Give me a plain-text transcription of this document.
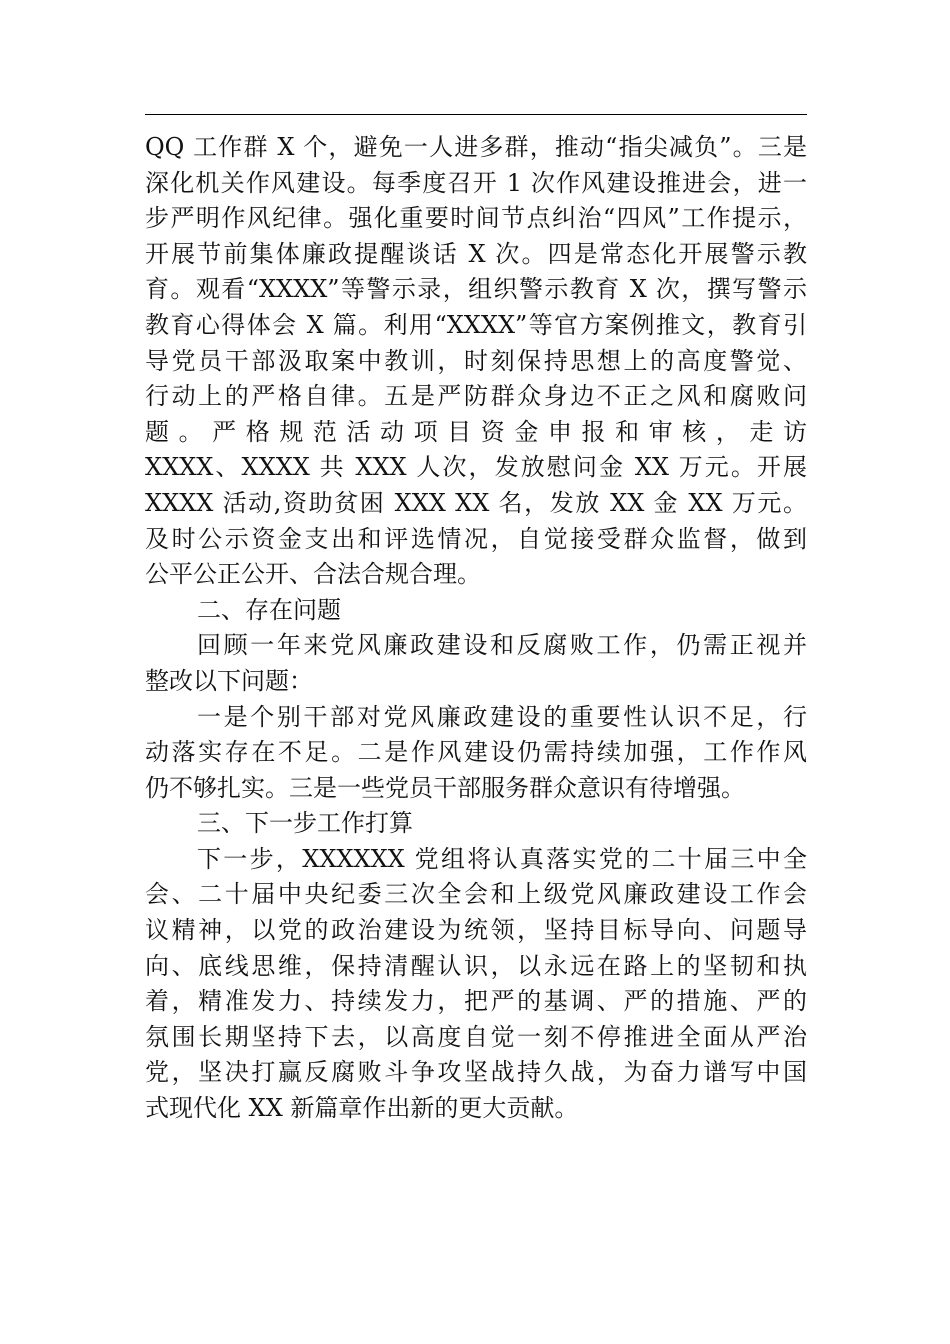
QQ 工作群 X 个，避免一人进多群，推动“指尖减负”。三是
深化机关作风建设。每季度召开 1 次作风建设推进会，进一
步严明作风纪律。强化重要时间节点纠治“四风”工作提示，
开展节前集体廉政提醒谈话 X 次。四是常态化开展警示教
育。观看“XXXX”等警示录，组织警示教育 X 次，撰写警示
教育心得体会 X 篇。利用“XXXX”等官方案例推文，教育引
导党员干部汲取案中教训，时刻保持思想上的高度警觉、
行动上的严格自律。五是严防群众身边不正之风和腐败问
题 。 严 格 规 范 活 动 项 目 资 金 申 报 和 审 核 ， 走 访
XXXX、XXXX 共 XXX 人次，发放慰问金 XX 万元。开展
XXXX 活动,资助贫困 XXX XX 名，发放 XX 金 XX 万元。
及时公示资金支出和评选情况，自觉接受群众监督，做到
公平公正公开、合法合规合理。
二、存在问题
回顾一年来党风廉政建设和反腐败工作，仍需正视并
整改以下问题：
一是个别干部对党风廉政建设的重要性认识不足，行
动落实存在不足。二是作风建设仍需持续加强，工作作风
仍不够扎实。三是一些党员干部服务群众意识有待增强。
三、下一步工作打算
下一步，XXXXXX 党组将认真落实党的二十届三中全
会、二十届中央纪委三次全会和上级党风廉政建设工作会
议精神，以党的政治建设为统领，坚持目标导向、问题导
向、底线思维，保持清醒认识，以永远在路上的坚韧和执
着，精准发力、持续发力，把严的基调、严的措施、严的
氛围长期坚持下去，以高度自觉一刻不停推进全面从严治
党，坚决打赢反腐败斗争攻坚战持久战，为奋力谱写中国
式现代化 XX 新篇章作出新的更大贡献。
